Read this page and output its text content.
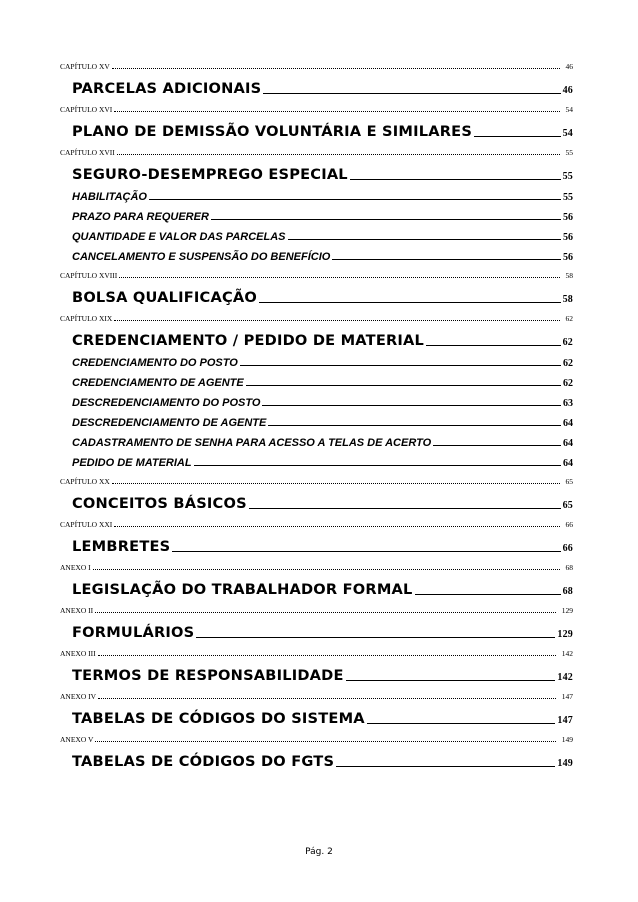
CAPÍTULO XV	46
PARCELAS ADICIONAIS	46
CAPÍTULO XVI	54
PLANO DE DEMISSÃO VOLUNTÁRIA E SIMILARES	54
CAPÍTULO XVII	55
SEGURO-DESEMPREGO ESPECIAL	55
HABILITAÇÃO	55
PRAZO PARA REQUERER	56
QUANTIDADE E VALOR DAS PARCELAS	56
CANCELAMENTO E SUSPENSÃO DO BENEFÍCIO	56
CAPÍTULO XVIII	58
BOLSA QUALIFICAÇÃO	58
CAPÍTULO XIX	62
CREDENCIAMENTO / PEDIDO DE MATERIAL	62
CREDENCIAMENTO DO POSTO	62
CREDENCIAMENTO DE AGENTE	62
DESCREDENCIAMENTO DO POSTO	63
DESCREDENCIAMENTO DE AGENTE	64
CADASTRAMENTO DE SENHA PARA ACESSO A TELAS DE ACERTO	64
PEDIDO DE MATERIAL	64
CAPÍTULO XX	65
CONCEITOS BÁSICOS	65
CAPÍTULO XXI	66
LEMBRETES	66
ANEXO I	68
LEGISLAÇÃO DO TRABALHADOR FORMAL	68
ANEXO II	129
FORMULÁRIOS	129
ANEXO III	142
TERMOS DE RESPONSABILIDADE	142
ANEXO IV	147
TABELAS DE CÓDIGOS DO SISTEMA	147
ANEXO V	149
TABELAS DE CÓDIGOS DO FGTS	149
Pág. 2
